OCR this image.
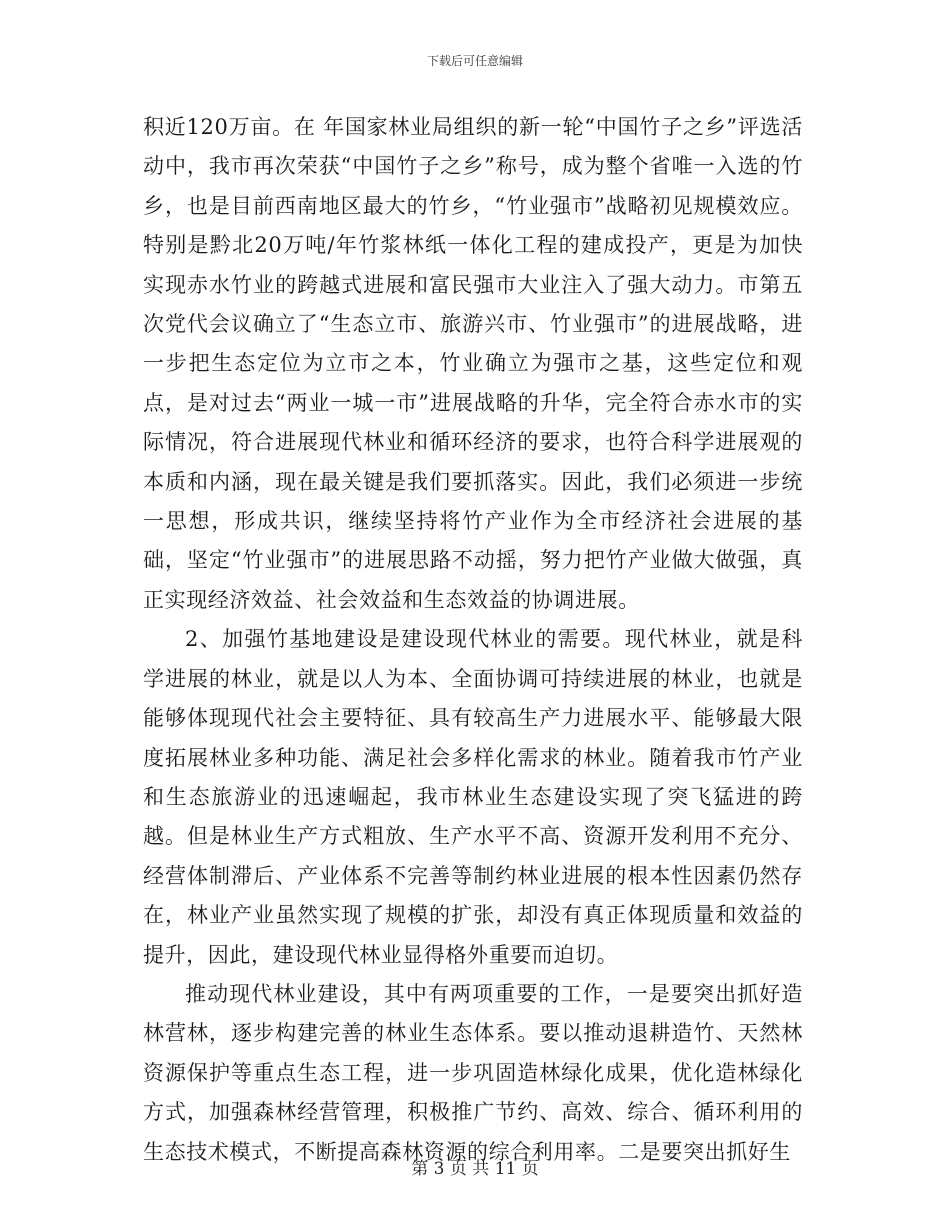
下载后可任意编辑

积近120万亩。在 年国家林业局组织的新一轮“中国竹子之乡”评选活动中，我市再次荣获“中国竹子之乡”称号，成为整个省唯一入选的竹乡，也是目前西南地区最大的竹乡，“竹业强市”战略初见规模效应。特别是黔北20万吨/年竹浆林纸一体化工程的建成投产，更是为加快实现赤水竹业的跨越式进展和富民强市大业注入了强大动力。市第五次党代会议确立了“生态立市、旅游兴市、竹业强市”的进展战略，进一步把生态定位为立市之本，竹业确立为强市之基，这些定位和观点，是对过去“两业一城一市”进展战略的升华，完全符合赤水市的实际情况，符合进展现代林业和循环经济的要求，也符合科学进展观的本质和内涵，现在最关键是我们要抓落实。因此，我们必须进一步统一思想，形成共识，继续坚持将竹产业作为全市经济社会进展的基础，坚定“竹业强市”的进展思路不动摇，努力把竹产业做大做强，真正实现经济效益、社会效益和生态效益的协调进展。

2、加强竹基地建设是建设现代林业的需要。现代林业，就是科学进展的林业，就是以人为本、全面协调可持续进展的林业，也就是能够体现现代社会主要特征、具有较高生产力进展水平、能够最大限度拓展林业多种功能、满足社会多样化需求的林业。随着我市竹产业和生态旅游业的迅速崛起，我市林业生态建设实现了突飞猛进的跨越。但是林业生产方式粗放、生产水平不高、资源开发利用不充分、经营体制滞后、产业体系不完善等制约林业进展的根本性因素仍然存在，林业产业虽然实现了规模的扩张，却没有真正体现质量和效益的提升，因此，建设现代林业显得格外重要而迫切。

推动现代林业建设，其中有两项重要的工作，一是要突出抓好造林营林，逐步构建完善的林业生态体系。要以推动退耕造竹、天然林资源保护等重点生态工程，进一步巩固造林绿化成果，优化造林绿化方式，加强森林经营管理，积极推广节约、高效、综合、循环利用的生态技术模式，不断提高森林资源的综合利用率。二是要突出抓好生

第 3 页 共 11 页
